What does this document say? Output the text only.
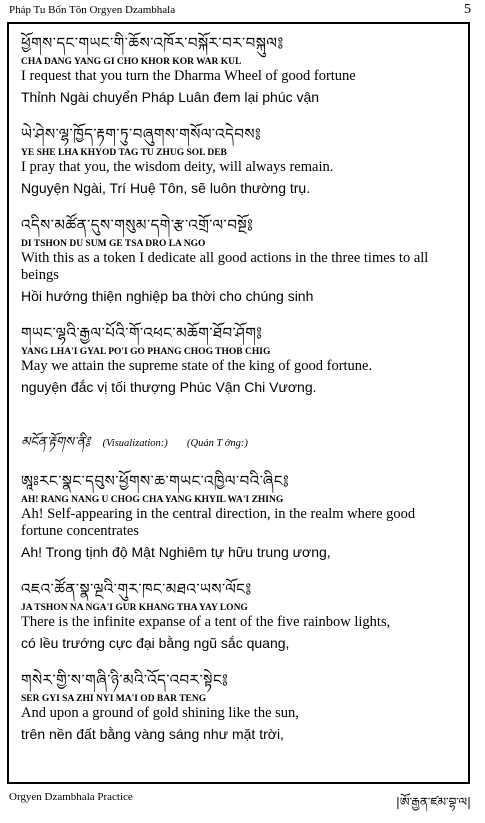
Pháp Tu Bổn Tôn Orgyen Dzambhala	5
ཕྱོགས་དང་གཡང་གི་ཆོས་འཁོར་བསྐོར་བར་བསྐུལ༔
CHA DANG YANG GI CHO KHOR KOR WAR KUL
I request that you turn the Dharma Wheel of good fortune
Thỉnh Ngài chuyển Pháp Luân đem lại phúc vận
ཡེ་ཤེས་ལྷ་ཁྱོད་རྟག་ཏུ་བཞུགས་གསོལ་འདེབས༔
YE SHE LHA KHYOD TAG TU ZHUG SOL DEB
I pray that you, the wisdom deity, will always remain.
Nguyện Ngài, Trí Huệ Tôn, sẽ luôn thường trụ.
འདིས་མཚོན་དུས་གསུམ་དགེ་རྩ་འགྲོ་ལ་བསྔོ༔
DI TSHON DU SUM GE TSA DRO LA NGO
With this as a token I dedicate all good actions in the three times to all beings
Hồi hướng thiện nghiệp ba thời cho chúng sinh
གཡང་ལྷའི་རྒྱལ་པོའི་གོ་འཕང་མཆོག་ཐོབ་ཤོག༔
YANG LHA'I GYAL PO'I GO PHANG CHOG THOB CHIG
May we attain the supreme state of the king of good fortune.
nguyện đắc vị tối thượng Phúc Vận Chi Vương.
མངོན་རྟོགས་ནི༔ (Visualization:) (Quán T ởng:)
ཨཱཿརང་སྣང་དབུས་ཕྱོགས་ཆ་གཡང་འཁྱིལ་བའི་ཞིང༔
AH! RANG NANG U CHOG CHA YANG KHYIL WA'I ZHING
Ah! Self-appearing in the central direction, in the realm where good fortune concentrates
Ah! Trong tịnh độ Mật Nghiêm tự hữu trung ương,
འཇའ་ཚོན་སྣ་ལྔའི་གུར་ཁང་མཐའ་ཡས་ལོང༔
JA TSHON NA NGA'I GUR KHANG THA YAY LONG
There is the infinite expanse of a tent of the five rainbow lights,
có lều trướng cực đại bằng ngũ sắc quang,
གསེར་གྱི་ས་གཞི་ཉི་མའི་འོད་འབར་སྟེང༔
SER GYI SA ZHI NYI MA'I OD BAR TENG
And upon a ground of gold shining like the sun,
trên nền đất bằng vàng sáng như mặt trời,
Orgyen Dzambhala Practice	|ཨོ་རྒྱན་ཛམ་བྷ་ལ|
